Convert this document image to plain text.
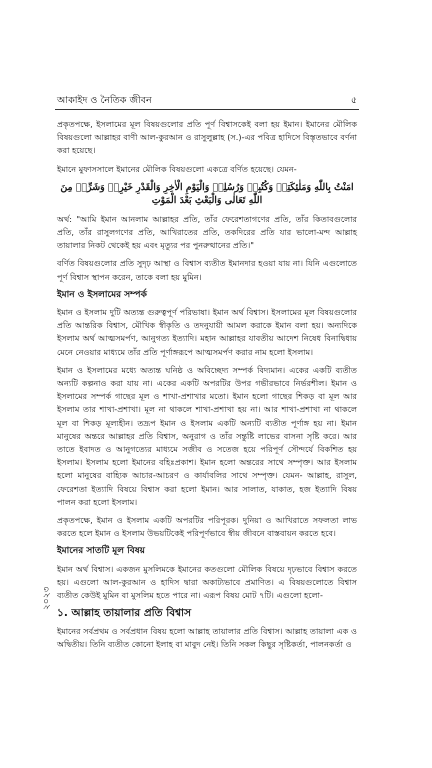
আকাইদ ও নৈতিক জীবন	৫

প্রকৃতপক্ষে, ইসলামের মূল বিষয়গুলোর প্রতি পূর্ণ বিশ্বাসকেই বলা হয় ইমান। ইমানের মৌলিক বিষয়গুলো আল্লাহর বাণী আল-কুরআন ও রাসুলুল্লাহ (স.)-এর পবিত্র হাদিসে বিস্তৃতভাবে বর্ণনা করা হয়েছে।

ইমানে মুফাসসালে ইমানের মৌলিক বিষয়গুলো একত্রে বর্ণিত হয়েছে। যেমন-

امَنْتُ بِاللّٰهِ وَمَلٰئِكَتِهٖ وَكُتُبِهٖ وَرُسُلِهٖ وَالْيَوْمِ الْاٰخِرِ وَالْقَدْرِ خَيْرِهٖ وَشَرِّهٖ مِنَ اللّٰهِ تَعَالٰى وَالْبَعْثِ بَعْدَ الْمَوْتِ

অর্থ: "আমি ইমান আনলাম আল্লাহর প্রতি, তাঁর ফেরেশতাগণের প্রতি, তাঁর কিতাবগুলোর প্রতি, তাঁর রাসুলগণের প্রতি, আখিরাতের প্রতি, তকদিরের প্রতি যার ভালো-মন্দ আল্লাহ তায়ালার নিকট থেকেই হয় এবং মৃত্যুর পর পুনরুত্থানের প্রতি।"

বর্ণিত বিষয়গুলোর প্রতি সুদৃঢ় আস্থা ও বিশ্বাস ব্যতীত ইমানদার হওয়া যায় না। যিনি এগুলোতে পূর্ণ বিশ্বাস স্থাপন করেন, তাকে বলা হয় মুমিন।

ইমান ও ইসলামের সম্পর্ক

ইমান ও ইসলাম দুটি অত্যন্ত গুরুত্বপূর্ণ পরিভাষা। ইমান অর্থ বিশ্বাস। ইসলামের মূল বিষয়গুলোর প্রতি আন্তরিক বিশ্বাস, মৌখিক স্বীকৃতি ও তদনুযায়ী আমল করাকে ইমান বলা হয়। অন্যদিকে ইসলাম অর্থ আত্মসমর্পণ, আনুগত্য ইত্যাদি। মহান আল্লাহর যাবতীয় আদেশ নিষেধ বিনাদ্বিধায় মেনে নেওয়ার মাধ্যমে তাঁর প্রতি পূর্ণাঙ্গরূপে আত্মসমর্পণ করার নাম হলো ইসলাম।

ইমান ও ইসলামের মধ্যে অত্যন্ত ঘনিষ্ঠ ও অবিচ্ছেদ্য সম্পর্ক বিদ্যমান। একের একটি ব্যতীত অন্যটি কল্পনাও করা যায় না। একের একটি অপরটির উপর গভীরভাবে নির্ভরশীল। ইমান ও ইসলামের সম্পর্ক গাছের মূল ও শাখা-প্রশাখার মতো। ইমান হলো গাছের শিকড় বা মূল আর ইসলাম তার শাখা-প্রশাখা। মূল না থাকলে শাখা-প্রশাখা হয় না। আর শাখা-প্রশাখা না থাকলে মূল বা শিকড় মূল্যহীন। তদ্রূপ ইমান ও ইসলাম একটি অন্যটি ব্যতীত পূর্ণাঙ্গ হয় না। ইমান মানুষের অন্তরে আল্লাহর প্রতি বিশ্বাস, অনুরাগ ও তাঁর সন্তুষ্টি লাভের বাসনা সৃষ্টি করে। আর তাতে ইবাদত ও আনুগত্যের মাধ্যমে সজীব ও সতেজ হয়ে পরিপূর্ণ সৌন্দর্যে বিকশিত হয় ইসলাম। ইসলাম হলো ইমানের বহিঃপ্রকাশ। ইমান হলো অন্তরের সাথে সম্পৃক্ত। আর ইসলাম হলো মানুষের বাহ্যিক আচার-আচরণ ও কার্যাবলির সাথে সম্পৃক্ত। যেমন- আল্লাহ, রাসুল, ফেরেশতা ইত্যাদি বিষয়ে বিশ্বাস করা হলো ইমান। আর সালাত, যাকাত, হজ ইত্যাদি বিষয় পালন করা হলো ইসলাম।

প্রকৃতপক্ষে, ইমান ও ইসলাম একটি অপরটির পরিপূরক। দুনিয়া ও আখিরাতে সফলতা লাভ করতে হলে ইমান ও ইসলাম উভয়টিকেই পরিপূর্ণভাবে স্বীয় জীবনে বাস্তবায়ন করতে হবে।

ইমানের সাতটি মূল বিষয়

ইমান অর্থ বিশ্বাস। একজন মুসলিমকে ইমানের কতগুলো মৌলিক বিষয়ে দৃঢ়ভাবে বিশ্বাস করতে হয়। এগুলো আল-কুরআন ও হাদিস দ্বারা অকাট্যভাবে প্রমাণিত। এ বিষয়গুলোতে বিশ্বাস ব্যতীত কেউই মুমিন বা মুসলিম হতে পারে না। এরূপ বিষয় মোট ৭টি। এগুলো হলো-

১. আল্লাহ তায়ালার প্রতি বিশ্বাস

ইমানের সর্বপ্রথম ও সর্বপ্রধান বিষয় হলো আল্লাহ তায়ালার প্রতি বিশ্বাস। আল্লাহ তায়ালা এক ও অদ্বিতীয়। তিনি ব্যতীত কোনো ইলাহ বা মাবুদ নেই। তিনি সকল কিছুর সৃষ্টিকর্তা, পালনকর্তা ও

২০২৩
